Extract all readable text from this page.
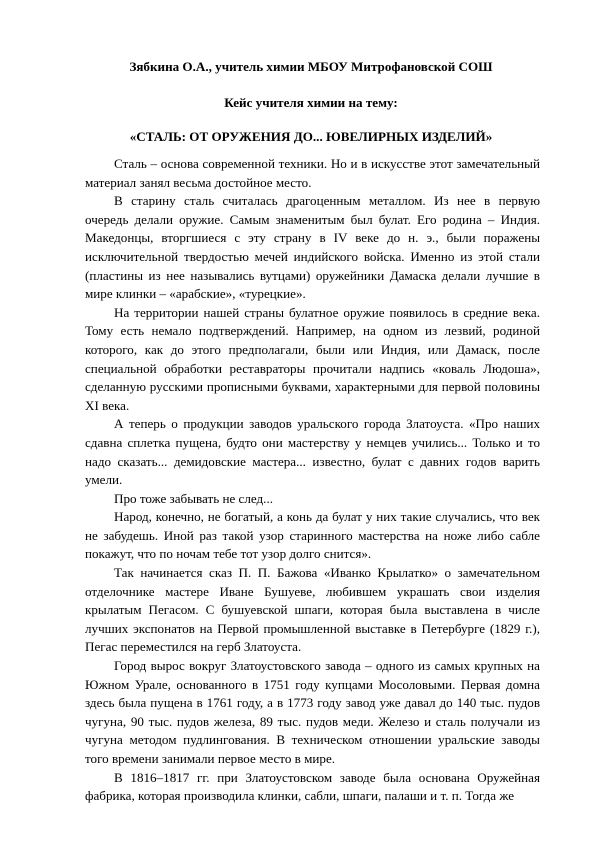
Зябкина О.А., учитель химии МБОУ Митрофановской СОШ
Кейс учителя химии на тему:
«СТАЛЬ: ОТ ОРУЖЕНИЯ ДО... ЮВЕЛИРНЫХ ИЗДЕЛИЙ»

Сталь – основа современной техники. Но и в искусстве этот замечательный материал занял весьма достойное место.

В старину сталь считалась драгоценным металлом. Из нее в первую очередь делали оружие. Самым знаменитым был булат. Его родина – Индия. Македонцы, вторгшиеся с эту страну в IV веке до н. э., были поражены исключительной твердостью мечей индийского войска. Именно из этой стали (пластины из нее назывались вутцами) оружейники Дамаска делали лучшие в мире клинки – «арабские», «турецкие».

На территории нашей страны булатное оружие появилось в средние века. Тому есть немало подтверждений. Например, на одном из лезвий, родиной которого, как до этого предполагали, были или Индия, или Дамаск, после специальной обработки реставраторы прочитали надпись «коваль Людоша», сделанную русскими прописными буквами, характерными для первой половины XI века.

А теперь о продукции заводов уральского города Златоуста. «Про наших сдавна сплетка пущена, будто они мастерству у немцев учились... Только и то надо сказать... демидовские мастера... известно, булат с давних годов варить умели.

Про тоже забывать не след...

Народ, конечно, не богатый, а конь да булат у них такие случались, что век не забудешь. Иной раз такой узор старинного мастерства на ноже либо сабле покажут, что по ночам тебе тот узор долго снится».

Так начинается сказ П. П. Бажова «Иванко Крылатко» о замечательном отделочнике мастере Иване Бушуеве, любившем украшать свои изделия крылатым Пегасом. С бушуевской шпаги, которая была выставлена в числе лучших экспонатов на Первой промышленной выставке в Петербурге (1829 г.), Пегас переместился на герб Златоуста.

Город вырос вокруг Златоустовского завода – одного из самых крупных на Южном Урале, основанного в 1751 году купцами Мосоловыми. Первая домна здесь была пущена в 1761 году, а в 1773 году завод уже давал до 140 тыс. пудов чугуна, 90 тыс. пудов железа, 89 тыс. пудов меди. Железо и сталь получали из чугуна методом пудлингования. В техническом отношении уральские заводы того времени занимали первое место в мире.

В 1816–1817 гг. при Златоустовском заводе была основана Оружейная фабрика, которая производила клинки, сабли, шпаги, палаши и т. п. Тогда же
